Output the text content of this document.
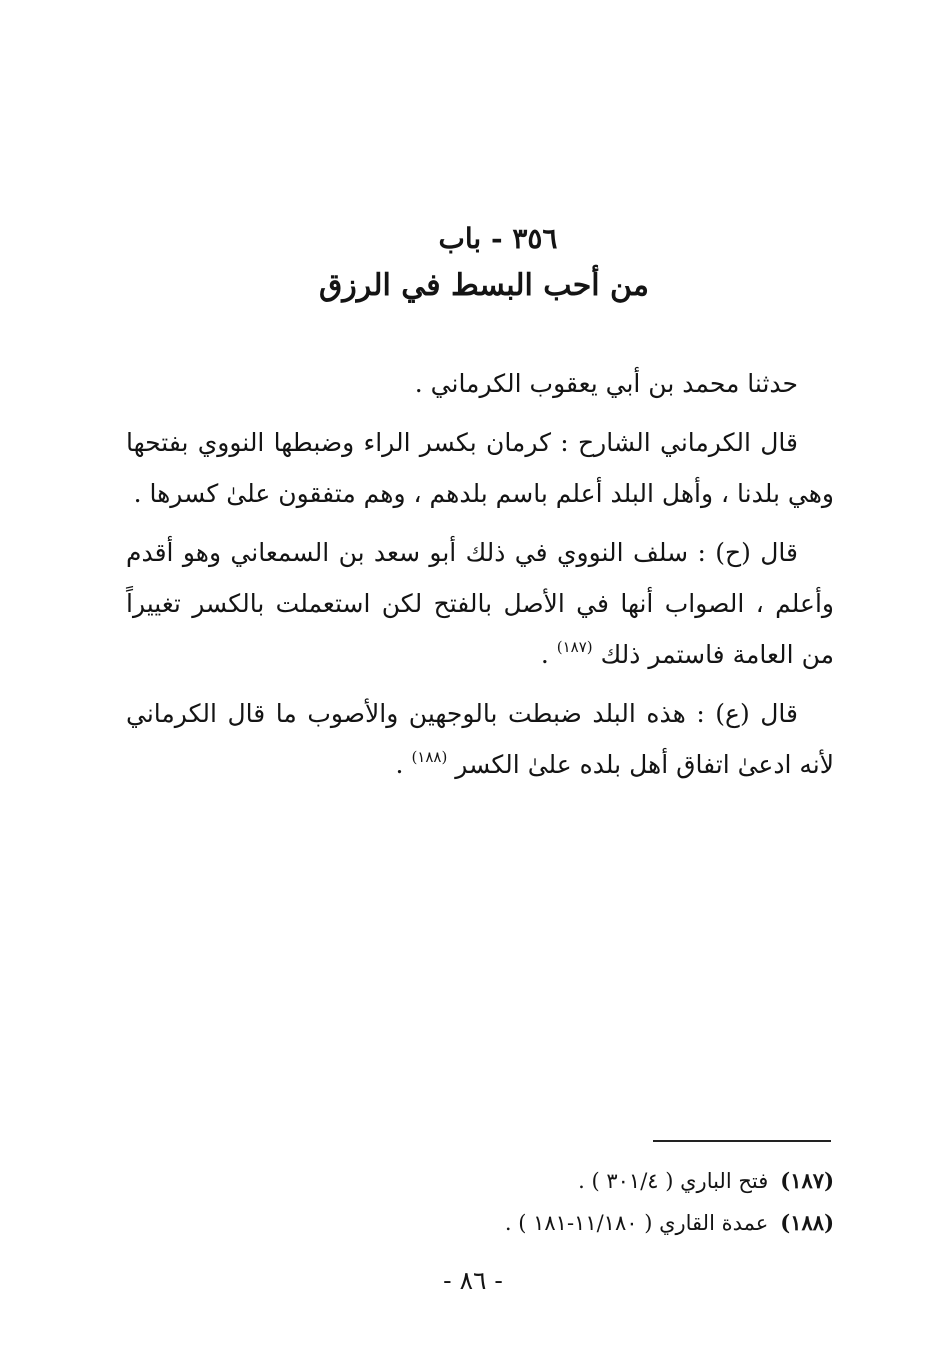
٣٥٦ - باب
من أحب البسط في الرزق

حدثنا محمد بن أبي يعقوب الكرماني .

قال الكرماني الشارح : كرمان بكسر الراء وضبطها النووي بفتحها وهي بلدنا ، وأهل البلد أعلم باسم بلدهم ، وهم متفقون علىٰ كسرها .

قال (ح) : سلف النووي في ذلك أبو سعد بن السمعاني وهو أقدم وأعلم ، الصواب أنها في الأصل بالفتح لكن استعملت بالكسر تغييراً من العامة فاستمر ذلك $^{(١٨٧)}$ .

قال (ع) : هذه البلد ضبطت بالوجهين والأصوب ما قال الكرماني لأنه ادعىٰ اتفاق أهل بلده علىٰ الكسر $^{(١٨٨)}$ .

(١٨٧)فتح الباري ( ٣٠١/٤ ) .
(١٨٨)عمدة القاري ( ١١/١٨٠-١٨١ ) .
- ٨٦ -
